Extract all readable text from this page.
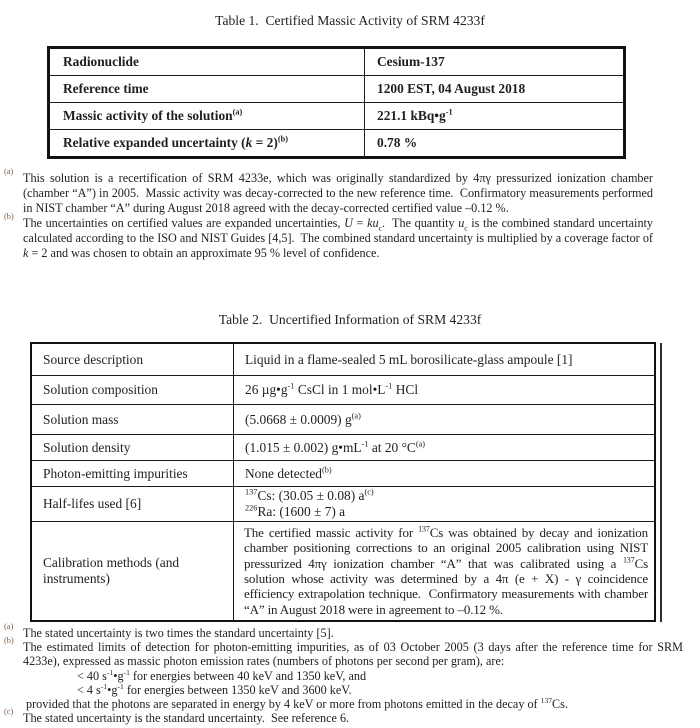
Table 1.  Certified Massic Activity of SRM 4233f
Radionuclide	Cesium-137
Reference time	1200 EST, 04 August 2018
Massic activity of the solution$^{(a)}$	221.1 $kBq•g^{-1}$
Relative expanded uncertainty (k = 2)$^{(b)}$	0.78 %

(a) This solution is a recertification of SRM 4233e, which was originally standardized by 4πγ pressurized ionization chamber (chamber “A”) in 2005.  Massic activity was decay-corrected to the new reference time.  Confirmatory measurements performed in NIST chamber “A” during August 2018 agreed with the decay-corrected certified value –0.12 %.

(b) The uncertainties on certified values are expanded uncertainties, $U = ku_c$.  The quantity $u_c$ is the combined standard uncertainty calculated according to the ISO and NIST Guides [4,5].  The combined standard uncertainty is multiplied by a coverage factor of k = 2 and was chosen to obtain an approximate 95 % level of confidence.

Table 2.  Uncertified Information of SRM 4233f
Source description	Liquid in a flame-sealed 5 mL borosilicate-glass ampoule [1]
Solution composition	26 $\mu g•g^{-1}$ CsCl in 1 $mol•L^{-1}$ HCl
Solution mass	(5.0668 ± 0.0009) $g^{(a)}$
Solution density	(1.015 ± 0.002) $g•mL^{-1}$ at 20 $^\circ C^{(a)}$
Photon-emitting impurities	None detected$^{(b)}$
Half-lifes used [6]	$^{137}$Cs: (30.05 ± 0.08) $a^{(c)}$
$^{226}$Ra: (1600 ± 7) a

Calibration methods (and instruments)	The certified massic activity for $^{137}$Cs was obtained by decay and ionization chamber positioning corrections to an original 2005 calibration using NIST pressurized 4πγ ionization chamber “A” that was calibrated using a $^{137}$Cs solution whose activity was determined by a 4π (e + X) - γ coincidence efficiency extrapolation technique.  Confirmatory measurements with chamber “A” in August 2018 were in agreement to –0.12 %.

(a) The stated uncertainty is two times the standard uncertainty [5].

(b) The estimated limits of detection for photon-emitting impurities, as of 03 October 2005 (3 days after the reference time for SRM 4233e), expressed as massic photon emission rates (numbers of photons per second per gram), are:

< 40 $s^{-1}•g^{-1}$ for energies between 40 keV and 1350 keV, and

< 4 $s^{-1}•g^{-1}$ for energies between 1350 keV and 3600 keV.

provided that the photons are separated in energy by 4 keV or more from photons emitted in the decay of $^{137}$Cs.

(c) The stated uncertainty is the standard uncertainty.  See reference 6.
